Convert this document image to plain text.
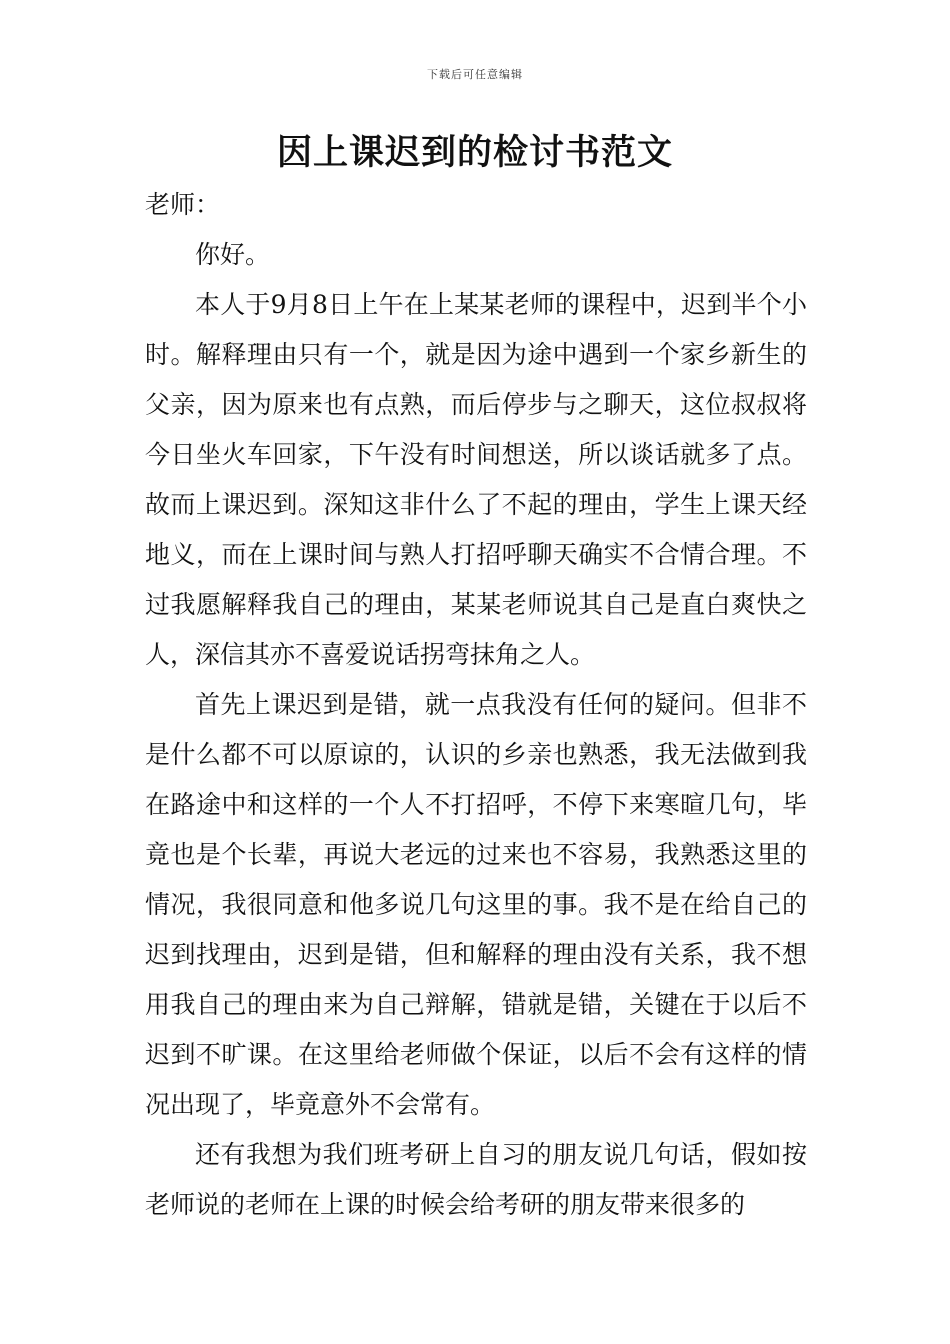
下载后可任意编辑
因上课迟到的检讨书范文

老师：

你好。

本人于9月8日上午在上某某老师的课程中，迟到半个小时。解释理由只有一个，就是因为途中遇到一个家乡新生的父亲，因为原来也有点熟，而后停步与之聊天，这位叔叔将今日坐火车回家，下午没有时间想送，所以谈话就多了点。故而上课迟到。深知这非什么了不起的理由，学生上课天经地义，而在上课时间与熟人打招呼聊天确实不合情合理。不过我愿解释我自己的理由，某某老师说其自己是直白爽快之人，深信其亦不喜爱说话拐弯抹角之人。

首先上课迟到是错，就一点我没有任何的疑问。但非不是什么都不可以原谅的，认识的乡亲也熟悉，我无法做到我在路途中和这样的一个人不打招呼，不停下来寒暄几句，毕竟也是个长辈，再说大老远的过来也不容易，我熟悉这里的情况，我很同意和他多说几句这里的事。我不是在给自己的迟到找理由，迟到是错，但和解释的理由没有关系，我不想用我自己的理由来为自己辩解，错就是错，关键在于以后不迟到不旷课。在这里给老师做个保证，以后不会有这样的情况出现了，毕竟意外不会常有。

还有我想为我们班考研上自习的朋友说几句话，假如按老师说的老师在上课的时候会给考研的朋友带来很多的
